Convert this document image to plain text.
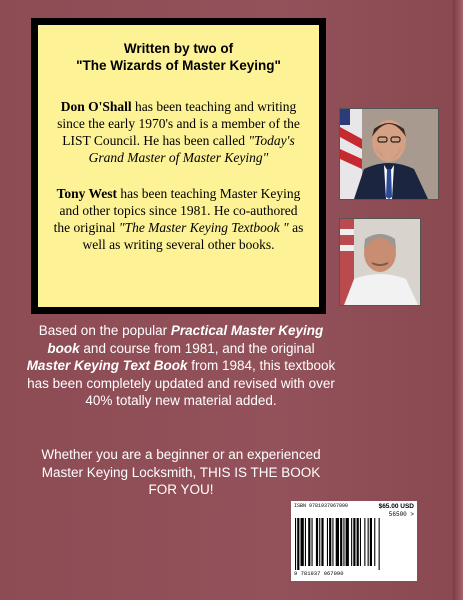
Written by two of
"The Wizards of Master Keying"
Don O'Shall has been teaching and writing since the early 1970's and is a member of the LIST Council. He has been called "Today's Grand Master of Master Keying"
Tony West has been teaching Master Keying and other topics since 1981. He co-authored the original "The Master Keying Textbook " as well as writing several other books.
Based on the popular Practical Master Keying book and course from 1981, and the original Master Keying Text Book from 1984, this textbook has been completely updated and revised with over 40% totally new material added.
Whether you are a beginner or an experienced Master Keying Locksmith, THIS IS THE BOOK FOR YOU!
ISBN 9781937067090	$65.00 USD
56500 >
9 781937 067090
